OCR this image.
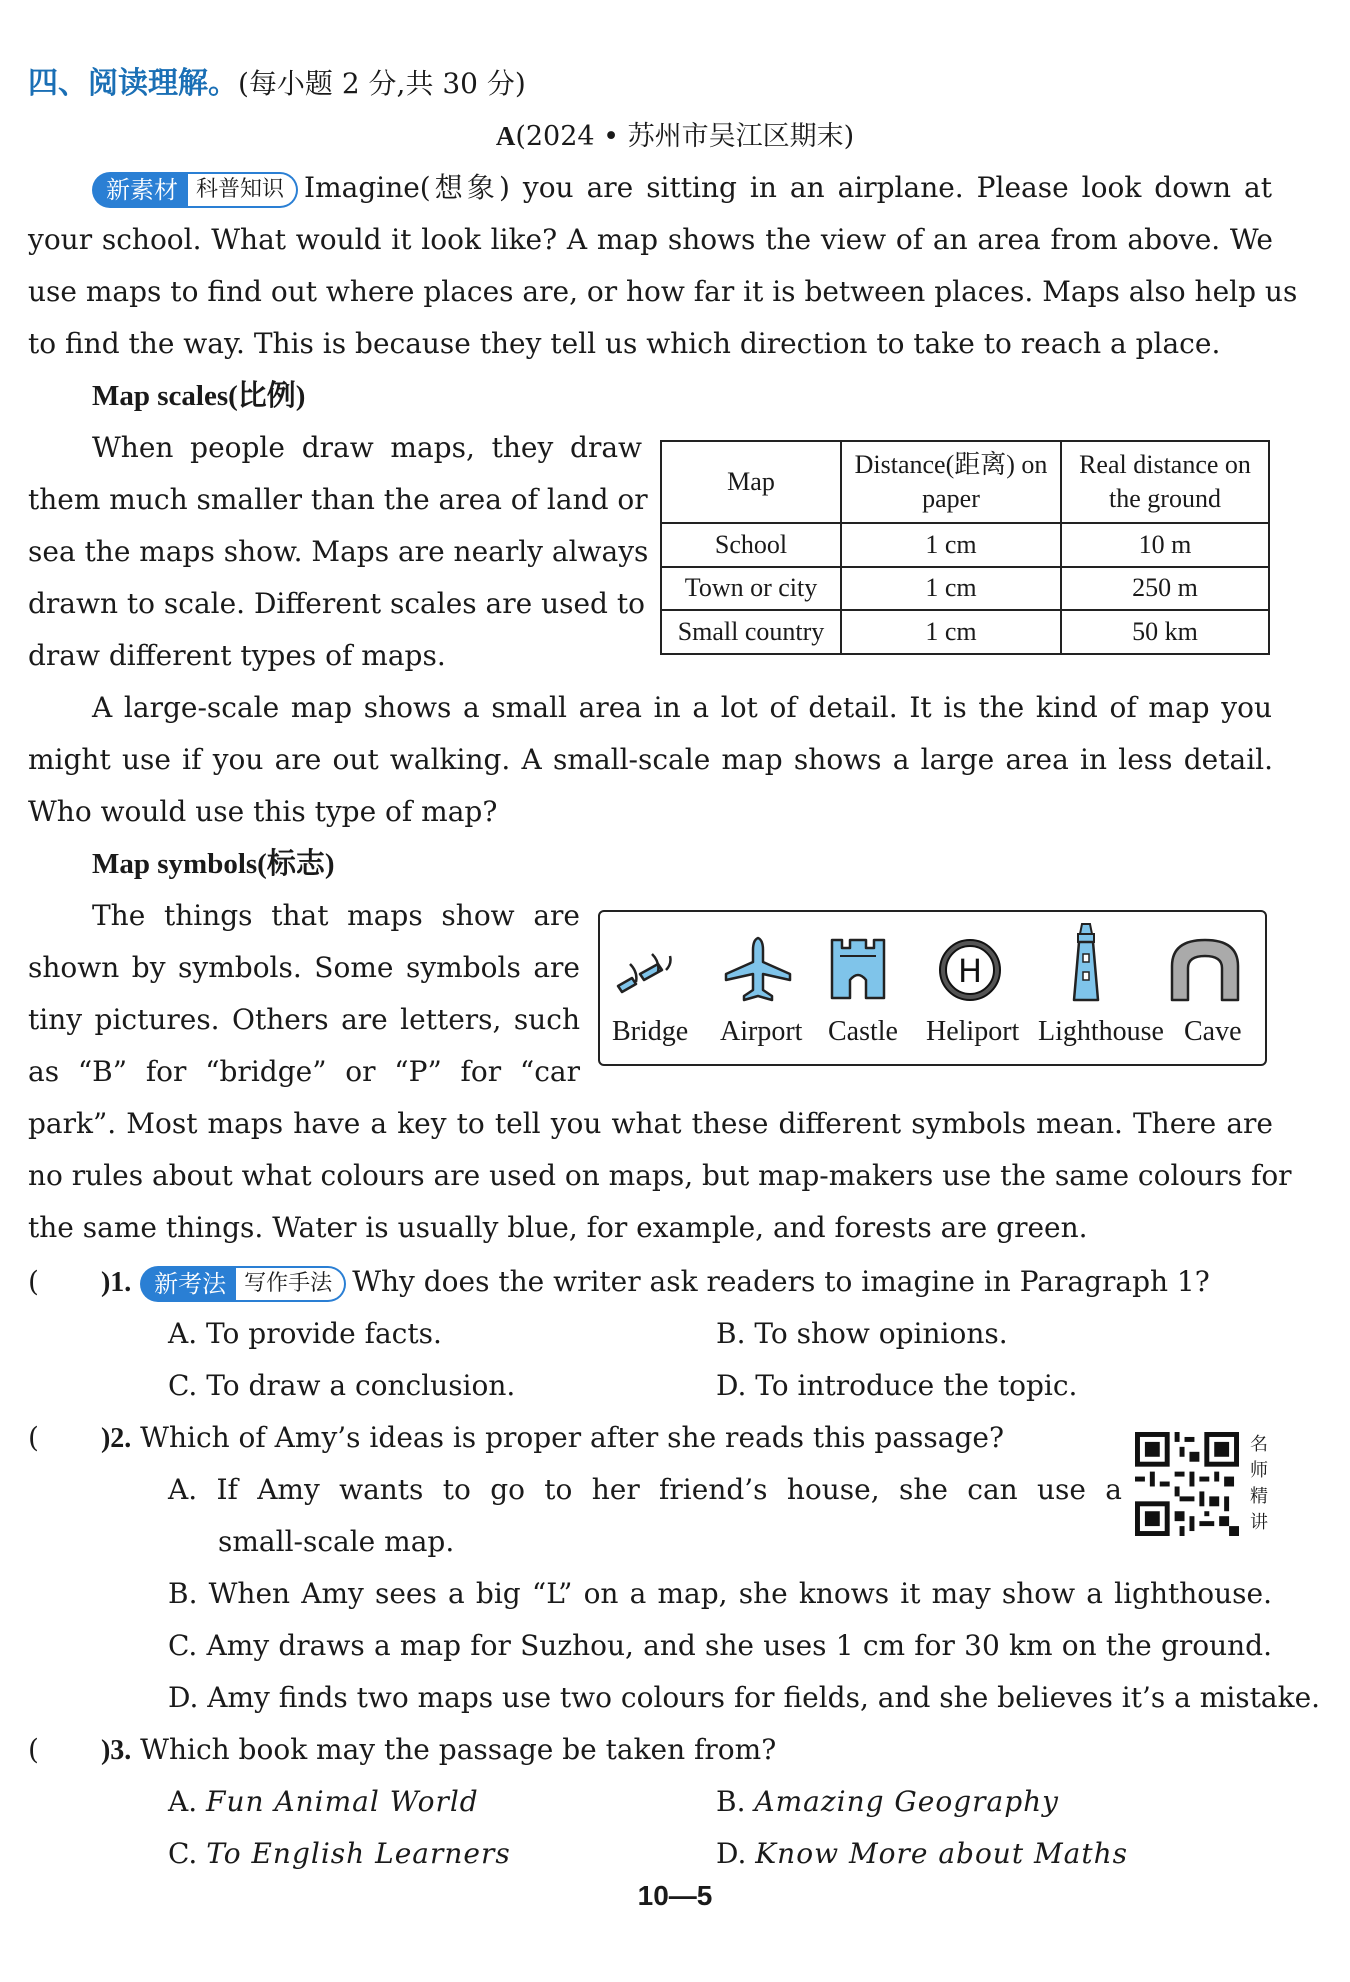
四、阅读理解。(每小题 2 分,共 30 分)
A(2024 • 苏州市吴江区期末)
新素材 科普知识 Imagine(想象) you are sitting in an airplane. Please look down at
your school. What would it look like? A map shows the view of an area from above. We
use maps to find out where places are, or how far it is between places. Maps also help us
to find the way. This is because they tell us which direction to take to reach a place.
Map scales(比例)
When people draw maps, they draw
them much smaller than the area of land or
sea the maps show. Maps are nearly always
drawn to scale. Different scales are used to
draw different types of maps.
Map	Distance(距离) on paper	Real distance on the ground
School	1 cm	10 m
Town or city	1 cm	250 m
Small country	1 cm	50 km
A large-scale map shows a small area in a lot of detail. It is the kind of map you
might use if you are out walking. A small-scale map shows a large area in less detail.
Who would use this type of map?
Map symbols(标志)
The things that maps show are
shown by symbols. Some symbols are
tiny pictures. Others are letters, such
as “B” for “bridge” or “P” for “car
park”. Most maps have a key to tell you what these different symbols mean. There are
no rules about what colours are used on maps, but map-makers use the same colours for
the same things. Water is usually blue, for example, and forests are green.
H
Bridge Airport Castle Heliport Lighthouse Cave
( )1. 新考法 写作手法 Why does the writer ask readers to imagine in Paragraph 1?
A. To provide facts.	B. To show opinions.
C. To draw a conclusion.	D. To introduce the topic.
( )2. Which of Amy’s ideas is proper after she reads this passage?
A. If Amy wants to go to her friend’s house, she can use a
small-scale map.
B. When Amy sees a big “L” on a map, she knows it may show a lighthouse.
C. Amy draws a map for Suzhou, and she uses 1 cm for 30 km on the ground.
D. Amy finds two maps use two colours for fields, and she believes it’s a mistake.
名师精讲
( )3. Which book may the passage be taken from?
A. Fun Animal World	B. Amazing Geography
C. To English Learners	D. Know More about Maths
10—5
